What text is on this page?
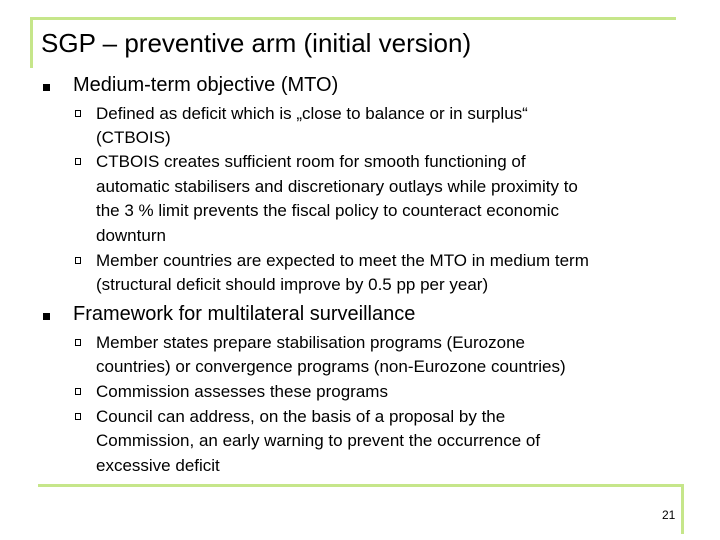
SGP – preventive arm (initial version)
Medium-term objective (MTO)
Defined as deficit which is „close to balance or in surplus“
(CTBOIS)
CTBOIS creates sufficient room for smooth functioning of
automatic stabilisers and discretionary outlays while proximity to
the 3 % limit prevents the fiscal policy to counteract economic
downturn
Member countries are expected to meet the MTO in medium term
(structural deficit should improve by 0.5 pp per year)
Framework for multilateral surveillance
Member states prepare stabilisation programs (Eurozone
countries) or convergence programs (non-Eurozone countries)
Commission assesses these programs
Council can address, on the basis of a proposal by the
Commission, an early warning to prevent the occurrence of
excessive deficit
21
